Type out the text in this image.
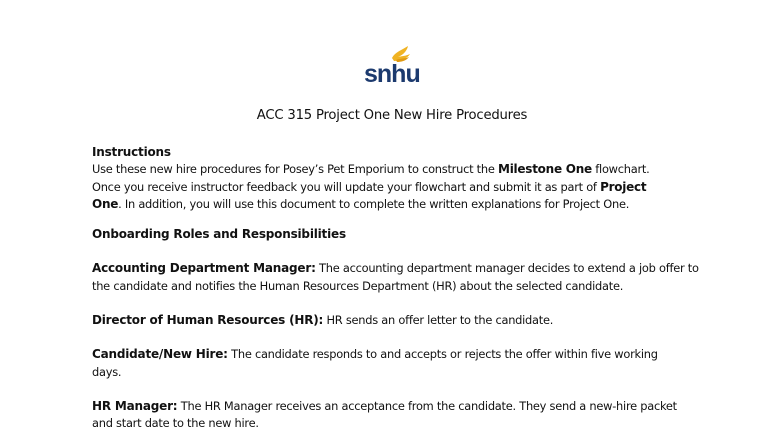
snhu
ACC 315 Project One New Hire Procedures
Instructions
Use these new hire procedures for Posey’s Pet Emporium to construct the Milestone One flowchart.
Once you receive instructor feedback you will update your flowchart and submit it as part of Project
One. In addition, you will use this document to complete the written explanations for Project One.
Onboarding Roles and Responsibilities
Accounting Department Manager: The accounting department manager decides to extend a job offer to
the candidate and notifies the Human Resources Department (HR) about the selected candidate.
Director of Human Resources (HR): HR sends an offer letter to the candidate.
Candidate/New Hire: The candidate responds to and accepts or rejects the offer within five working
days.
HR Manager: The HR Manager receives an acceptance from the candidate. They send a new-hire packet
and start date to the new hire.
